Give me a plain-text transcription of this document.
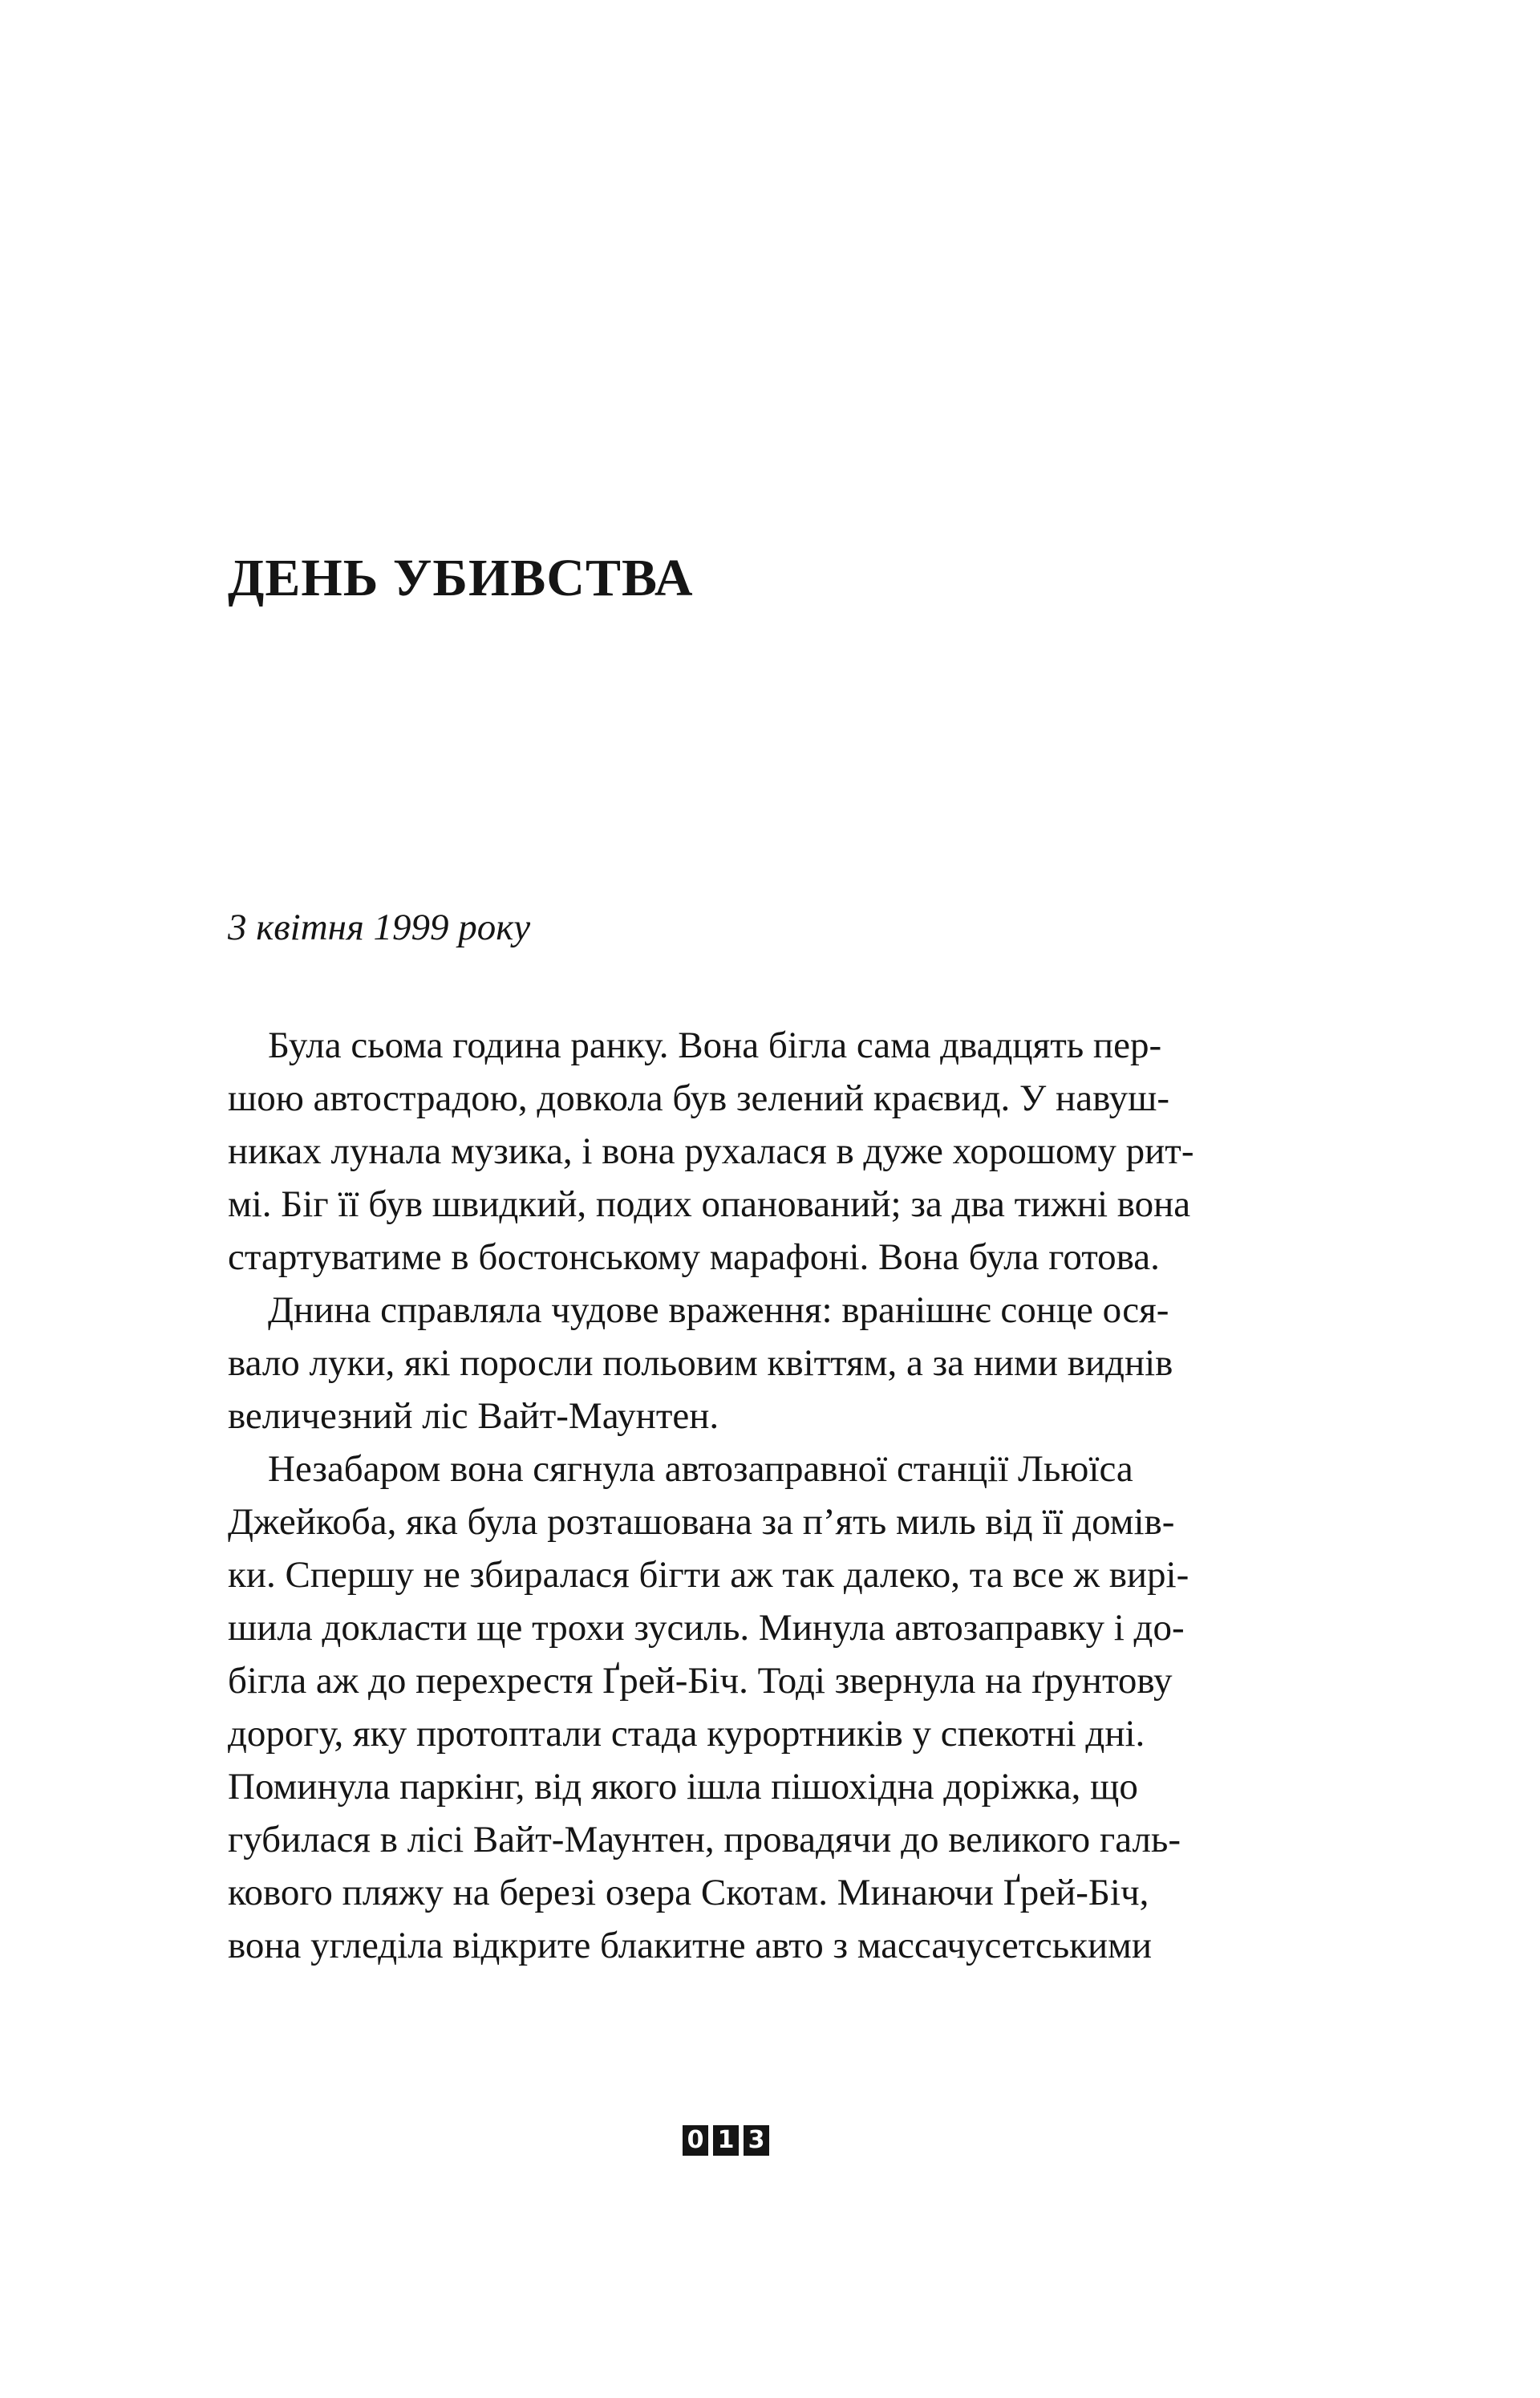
ДЕНЬ УБИВСТВА

3 квітня 1999 року

Була сьома година ранку. Вона бігла сама двадцять пер-
шою автострадою, довкола був зелений краєвид. У навуш-
никах лунала музика, і вона рухалася в дуже хорошому рит-
мі. Біг її був швидкий, подих опанований; за два тижні вона
стартуватиме в бостонському марафоні. Вона була готова.
Днина справляла чудове враження: вранішнє сонце ося-
вало луки, які поросли польовим квіттям, а за ними виднів
величезний ліс Вайт-Маунтен.
Незабаром вона сягнула автозаправної станції Льюїса
Джейкоба, яка була розташована за п’ять миль від її домів-
ки. Спершу не збиралася бігти аж так далеко, та все ж вирі-
шила докласти ще трохи зусиль. Минула автозаправку і до-
бігла аж до перехрестя Ґрей-Біч. Тоді звернула на ґрунтову
дорогу, яку протоптали стада курортників у спекотні дні.
Поминула паркінг, від якого ішла пішохідна доріжка, що
губилася в лісі Вайт-Маунтен, провадячи до великого галь-
кового пляжу на березі озера Скотам. Минаючи Ґрей-Біч,
вона угледіла відкрите блакитне авто з массачусетськими
0 1 3
